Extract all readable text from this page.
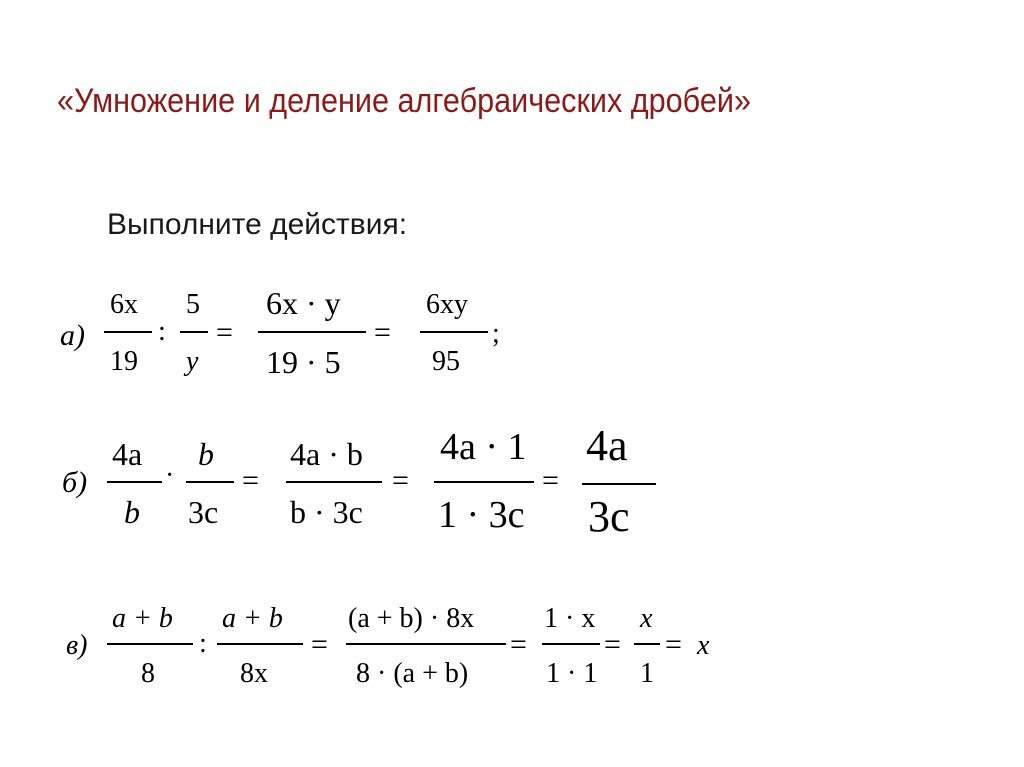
«Умножение и деление алгебраических дробей»
Выполните действия:
а)
6x
19
:
5
y
=
6x · y
19 · 5
=
6xy
95
;
б)
4a
b
·
b
3c
=
4a · b
b · 3c
=
4a · 1
1 · 3c
=
4a
3c
в)
a + b
8
:
a + b
8x
=
(a + b) · 8x
8 · (a + b)
=
1 · x
1 · 1
=
x
1
= x
